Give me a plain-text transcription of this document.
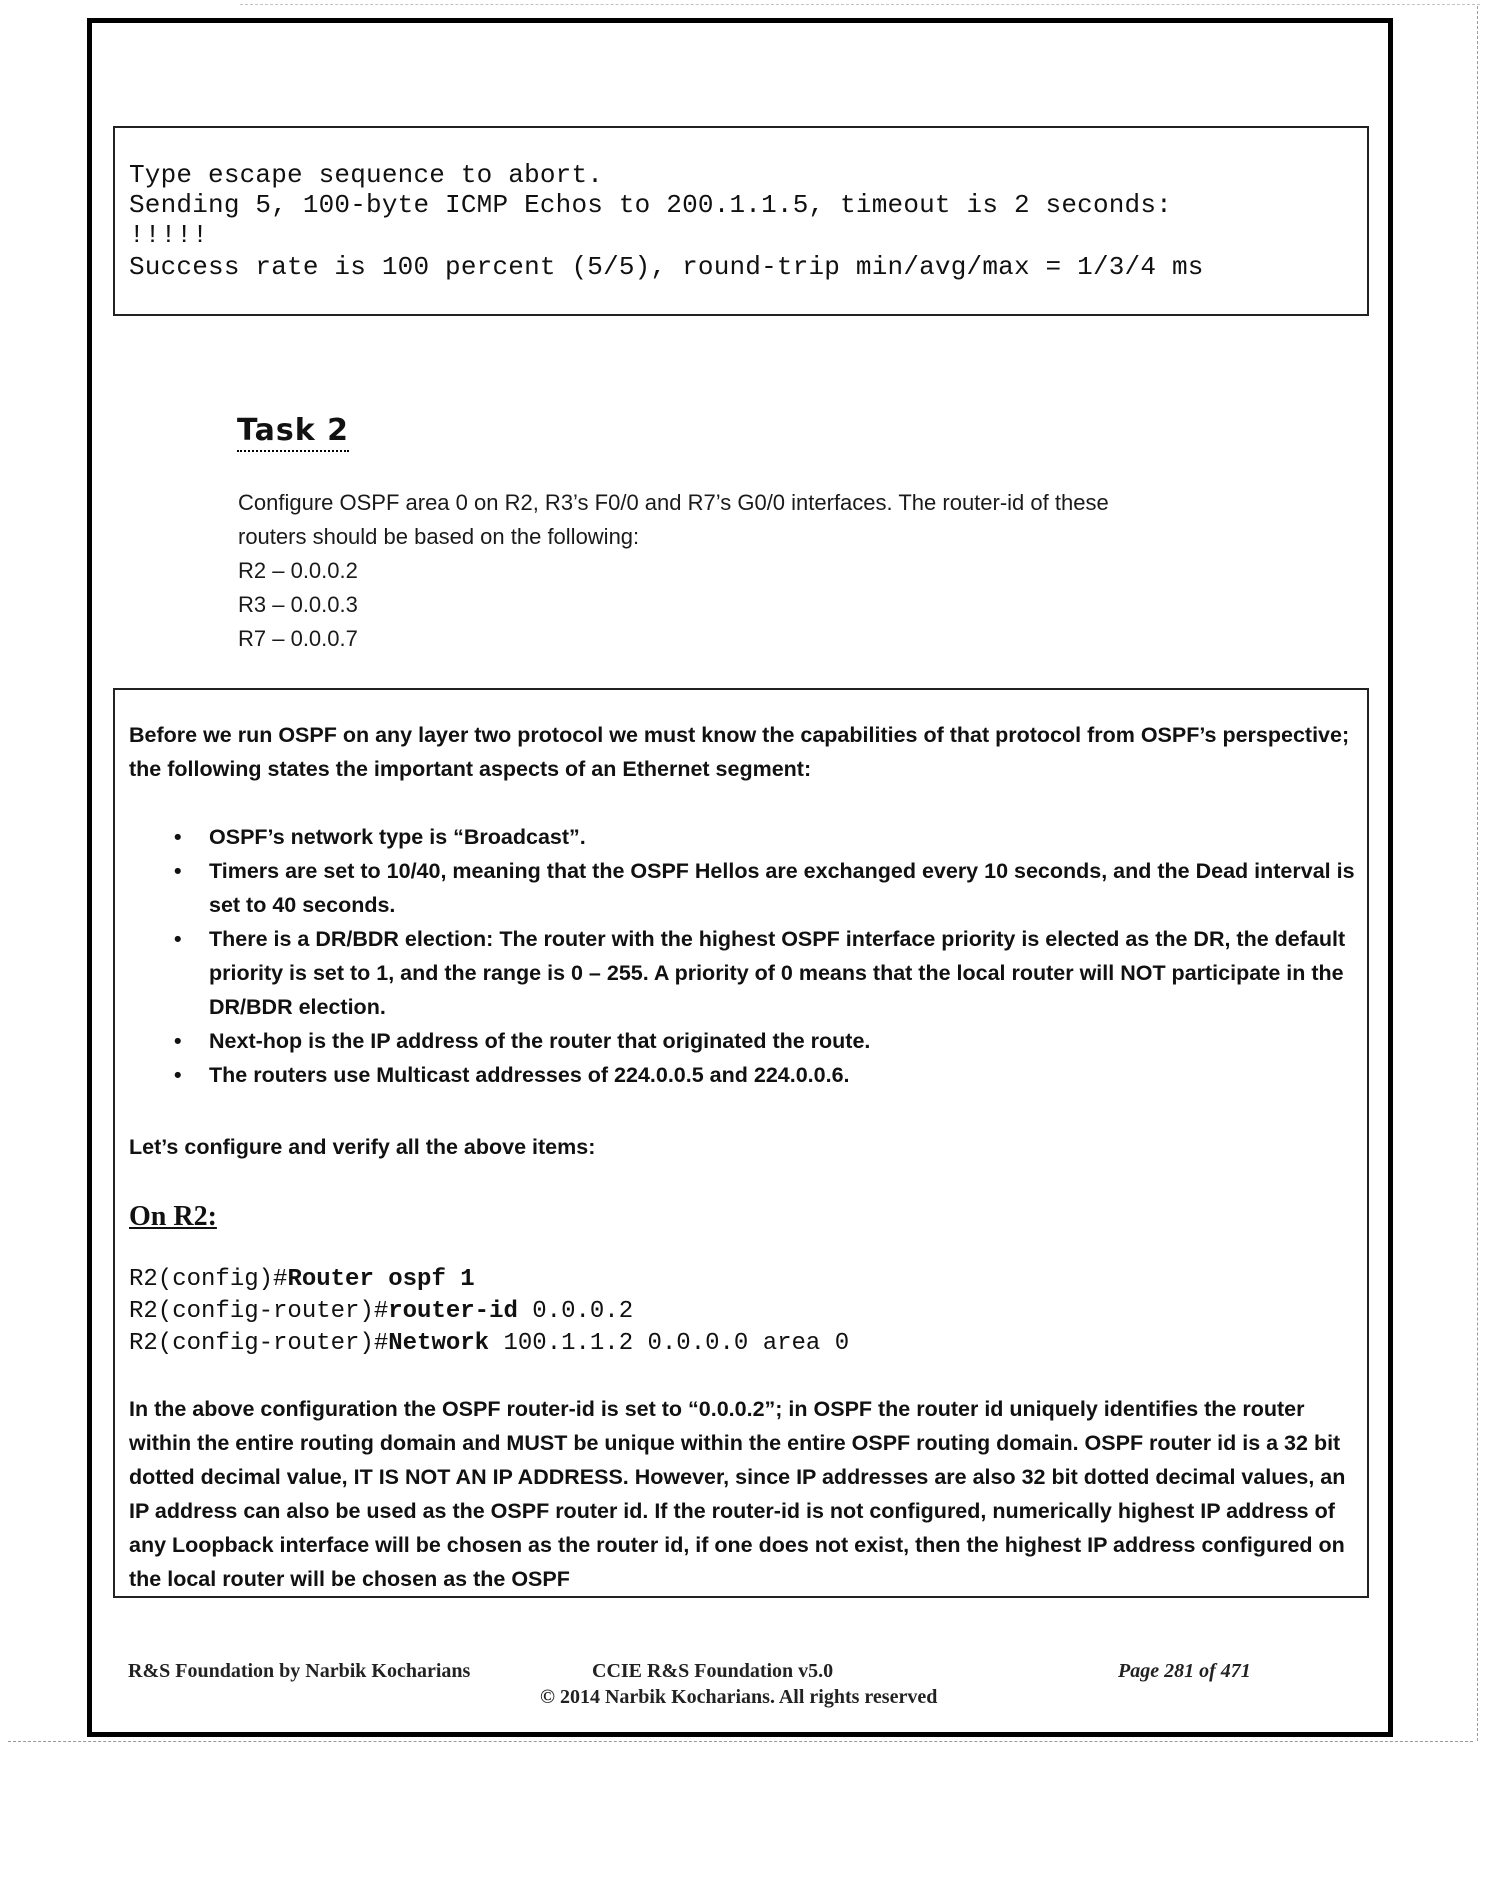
Type escape sequence to abort.
Sending 5, 100-byte ICMP Echos to 200.1.1.5, timeout is 2 seconds:
!!!!!
Success rate is 100 percent (5/5), round-trip min/avg/max = 1/3/4 ms
Task 2
Configure OSPF area 0 on R2, R3’s F0/0 and R7’s G0/0 interfaces. The router-id of these
routers should be based on the following:
R2 – 0.0.0.2
R3 – 0.0.0.3
R7 – 0.0.0.7
Before we run OSPF on any layer two protocol we must know the capabilities of that protocol from OSPF’s perspective; the following states the important aspects of an Ethernet segment:
• OSPF’s network type is “Broadcast”.
• Timers are set to 10/40, meaning that the OSPF Hellos are exchanged every 10 seconds, and the Dead interval is set to 40 seconds.
• There is a DR/BDR election: The router with the highest OSPF interface priority is elected as the DR, the default priority is set to 1, and the range is 0 – 255. A priority of 0 means that the local router will NOT participate in the DR/BDR election.
• Next-hop is the IP address of the router that originated the route.
• The routers use Multicast addresses of 224.0.0.5 and 224.0.0.6.
Let’s configure and verify all the above items:
On R2:
R2(config)#Router ospf 1
R2(config-router)#router-id 0.0.0.2
R2(config-router)#Network 100.1.1.2 0.0.0.0 area 0
In the above configuration the OSPF router-id is set to “0.0.0.2”; in OSPF the router id uniquely identifies the router within the entire routing domain and MUST be unique within the entire OSPF routing domain. OSPF router id is a 32 bit dotted decimal value, IT IS NOT AN IP ADDRESS. However, since IP addresses are also 32 bit dotted decimal values, an IP address can also be used as the OSPF router id. If the router-id is not configured, numerically highest IP address of any Loopback interface will be chosen as the router id, if one does not exist, then the highest IP address configured on the local router will be chosen as the OSPF
R&S Foundation by Narbik Kocharians	CCIE R&S Foundation v5.0	Page 281 of 471
© 2014 Narbik Kocharians. All rights reserved
